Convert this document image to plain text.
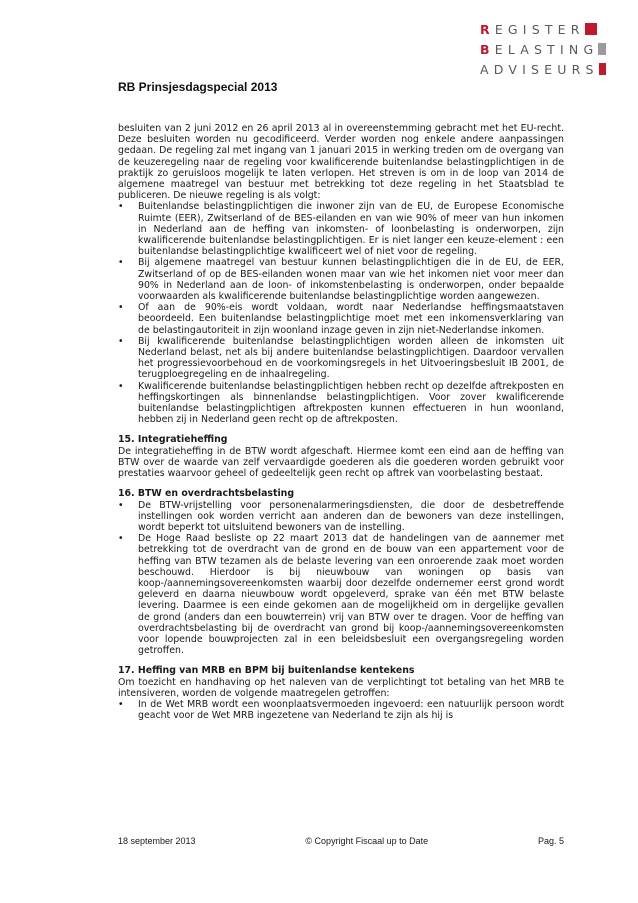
REGISTER
BELASTING
ADVISEURS
RB Prinsjesdagspecial 2013

besluiten van 2 juni 2012 en 26 april 2013 al in overeenstemming gebracht met het EU-recht. Deze besluiten worden nu gecodificeerd. Verder worden nog enkele andere aanpassingen gedaan. De regeling zal met ingang van 1 januari 2015 in werking treden om de overgang van de keuzeregeling naar de regeling voor kwalificerende buitenlandse belastingplichtigen in de praktijk zo geruisloos mogelijk te laten verlopen. Het streven is om in de loop van 2014 de algemene maatregel van bestuur met betrekking tot deze regeling in het Staatsblad te publiceren. De nieuwe regeling is als volgt:

• Buitenlandse belastingplichtigen die inwoner zijn van de EU, de Europese Economische Ruimte (EER), Zwitserland of de BES-eilanden en van wie 90% of meer van hun inkomen in Nederland aan de heffing van inkomsten- of loonbelasting is onderworpen, zijn kwalificerende buitenlandse belastingplichtigen. Er is niet langer een keuze-element : een buitenlandse belastingplichtige kwalificeert wel of niet voor de regeling.
• Bij algemene maatregel van bestuur kunnen belastingplichtigen die in de EU, de EER, Zwitserland of op de BES-eilanden wonen maar van wie het inkomen niet voor meer dan 90% in Nederland aan de loon- of inkomstenbelasting is onderworpen, onder bepaalde voorwaarden als kwalificerende buitenlandse belastingplichtige worden aangewezen.
• Of aan de 90%-eis wordt voldaan, wordt naar Nederlandse heffingsmaatstaven beoordeeld. Een buitenlandse belastingplichtige moet met een inkomensverklaring van de belastingautoriteit in zijn woonland inzage geven in zijn niet-Nederlandse inkomen.
• Bij kwalificerende buitenlandse belastingplichtigen worden alleen de inkomsten uit Nederland belast, net als bij andere buitenlandse belastingplichtigen. Daardoor vervallen het progressievoorbehoud en de voorkomingsregels in het Uitvoeringsbesluit IB 2001, de terugploegregeling en de inhaalregeling.
• Kwalificerende buitenlandse belastingplichtigen hebben recht op dezelfde aftrekposten en heffingskortingen als binnenlandse belastingplichtigen. Voor zover kwalificerende buitenlandse belastingplichtigen aftrekposten kunnen effectueren in hun woonland, hebben zij in Nederland geen recht op de aftrekposten.
15. Integratieheffing

De integratieheffing in de BTW wordt afgeschaft. Hiermee komt een eind aan de heffing van BTW over de waarde van zelf vervaardigde goederen als die goederen worden gebruikt voor prestaties waarvoor geheel of gedeeltelijk geen recht op aftrek van voorbelasting bestaat.

16. BTW en overdrachtsbelasting
• De BTW-vrijstelling voor personenalarmeringsdiensten, die door de desbetreffende instellingen ook worden verricht aan anderen dan de bewoners van deze instellingen, wordt beperkt tot uitsluitend bewoners van de instelling.
• De Hoge Raad besliste op 22 maart 2013 dat de handelingen van de aannemer met betrekking tot de overdracht van de grond en de bouw van een appartement voor de heffing van BTW tezamen als de belaste levering van een onroerende zaak moet worden beschouwd. Hierdoor is bij nieuwbouw van woningen op basis van koop-/aannemingsovereenkomsten waarbij door dezelfde ondernemer eerst grond wordt geleverd en daarna nieuwbouw wordt opgeleverd, sprake van één met BTW belaste levering. Daarmee is een einde gekomen aan de mogelijkheid om in dergelijke gevallen de grond (anders dan een bouwterrein) vrij van BTW over te dragen. Voor de heffing van overdrachtsbelasting bij de overdracht van grond bij koop-/aannemingsovereenkomsten voor lopende bouwprojecten zal in een beleidsbesluit een overgangsregeling worden getroffen.
17. Heffing van MRB en BPM bij buitenlandse kentekens

Om toezicht en handhaving op het naleven van de verplichtingt tot betaling van het MRB te intensiveren, worden de volgende maatregelen getroffen:

• In de Wet MRB wordt een woonplaatsvermoeden ingevoerd: een natuurlijk persoon wordt geacht voor de Wet MRB ingezetene van Nederland te zijn als hij is
18 september 2013	© Copyright Fiscaal up to Date	Pag. 5
